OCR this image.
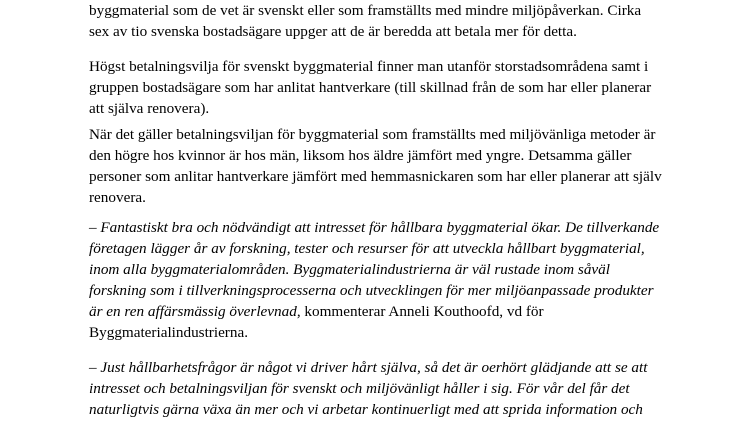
byggmaterial som de vet är svenskt eller som framställts med mindre miljöpåverkan. Cirka
sex av tio svenska bostadsägare uppger att de är beredda att betala mer för detta.
Högst betalningsvilja för svenskt byggmaterial finner man utanför storstadsområdena samt i
gruppen bostadsägare som har anlitat hantverkare (till skillnad från de som har eller planerar
att själva renovera).
När det gäller betalningsviljan för byggmaterial som framställts med miljövänliga metoder är
den högre hos kvinnor är hos män, liksom hos äldre jämfört med yngre. Detsamma gäller
personer som anlitar hantverkare jämfört med hemmasnickaren som har eller planerar att själv
renovera.
– Fantastiskt bra och nödvändigt att intresset för hållbara byggmaterial ökar. De tillverkande
företagen lägger år av forskning, tester och resurser för att utveckla hållbart byggmaterial,
inom alla byggmaterialområden. Byggmaterialindustrierna är väl rustade inom såväl
forskning som i tillverkningsprocesserna och utvecklingen för mer miljöanpassade produkter
är en ren affärsmässig överlevnad, kommenterar Anneli Kouthoofd, vd för
Byggmaterialindustrierna.
– Just hållbarhetsfrågor är något vi driver hårt själva, så det är oerhört glädjande att se att
intresset och betalningsviljan för svenskt och miljövänligt håller i sig. För vår del får det
naturligtvis gärna växa än mer och vi arbetar kontinuerligt med att sprida information och
